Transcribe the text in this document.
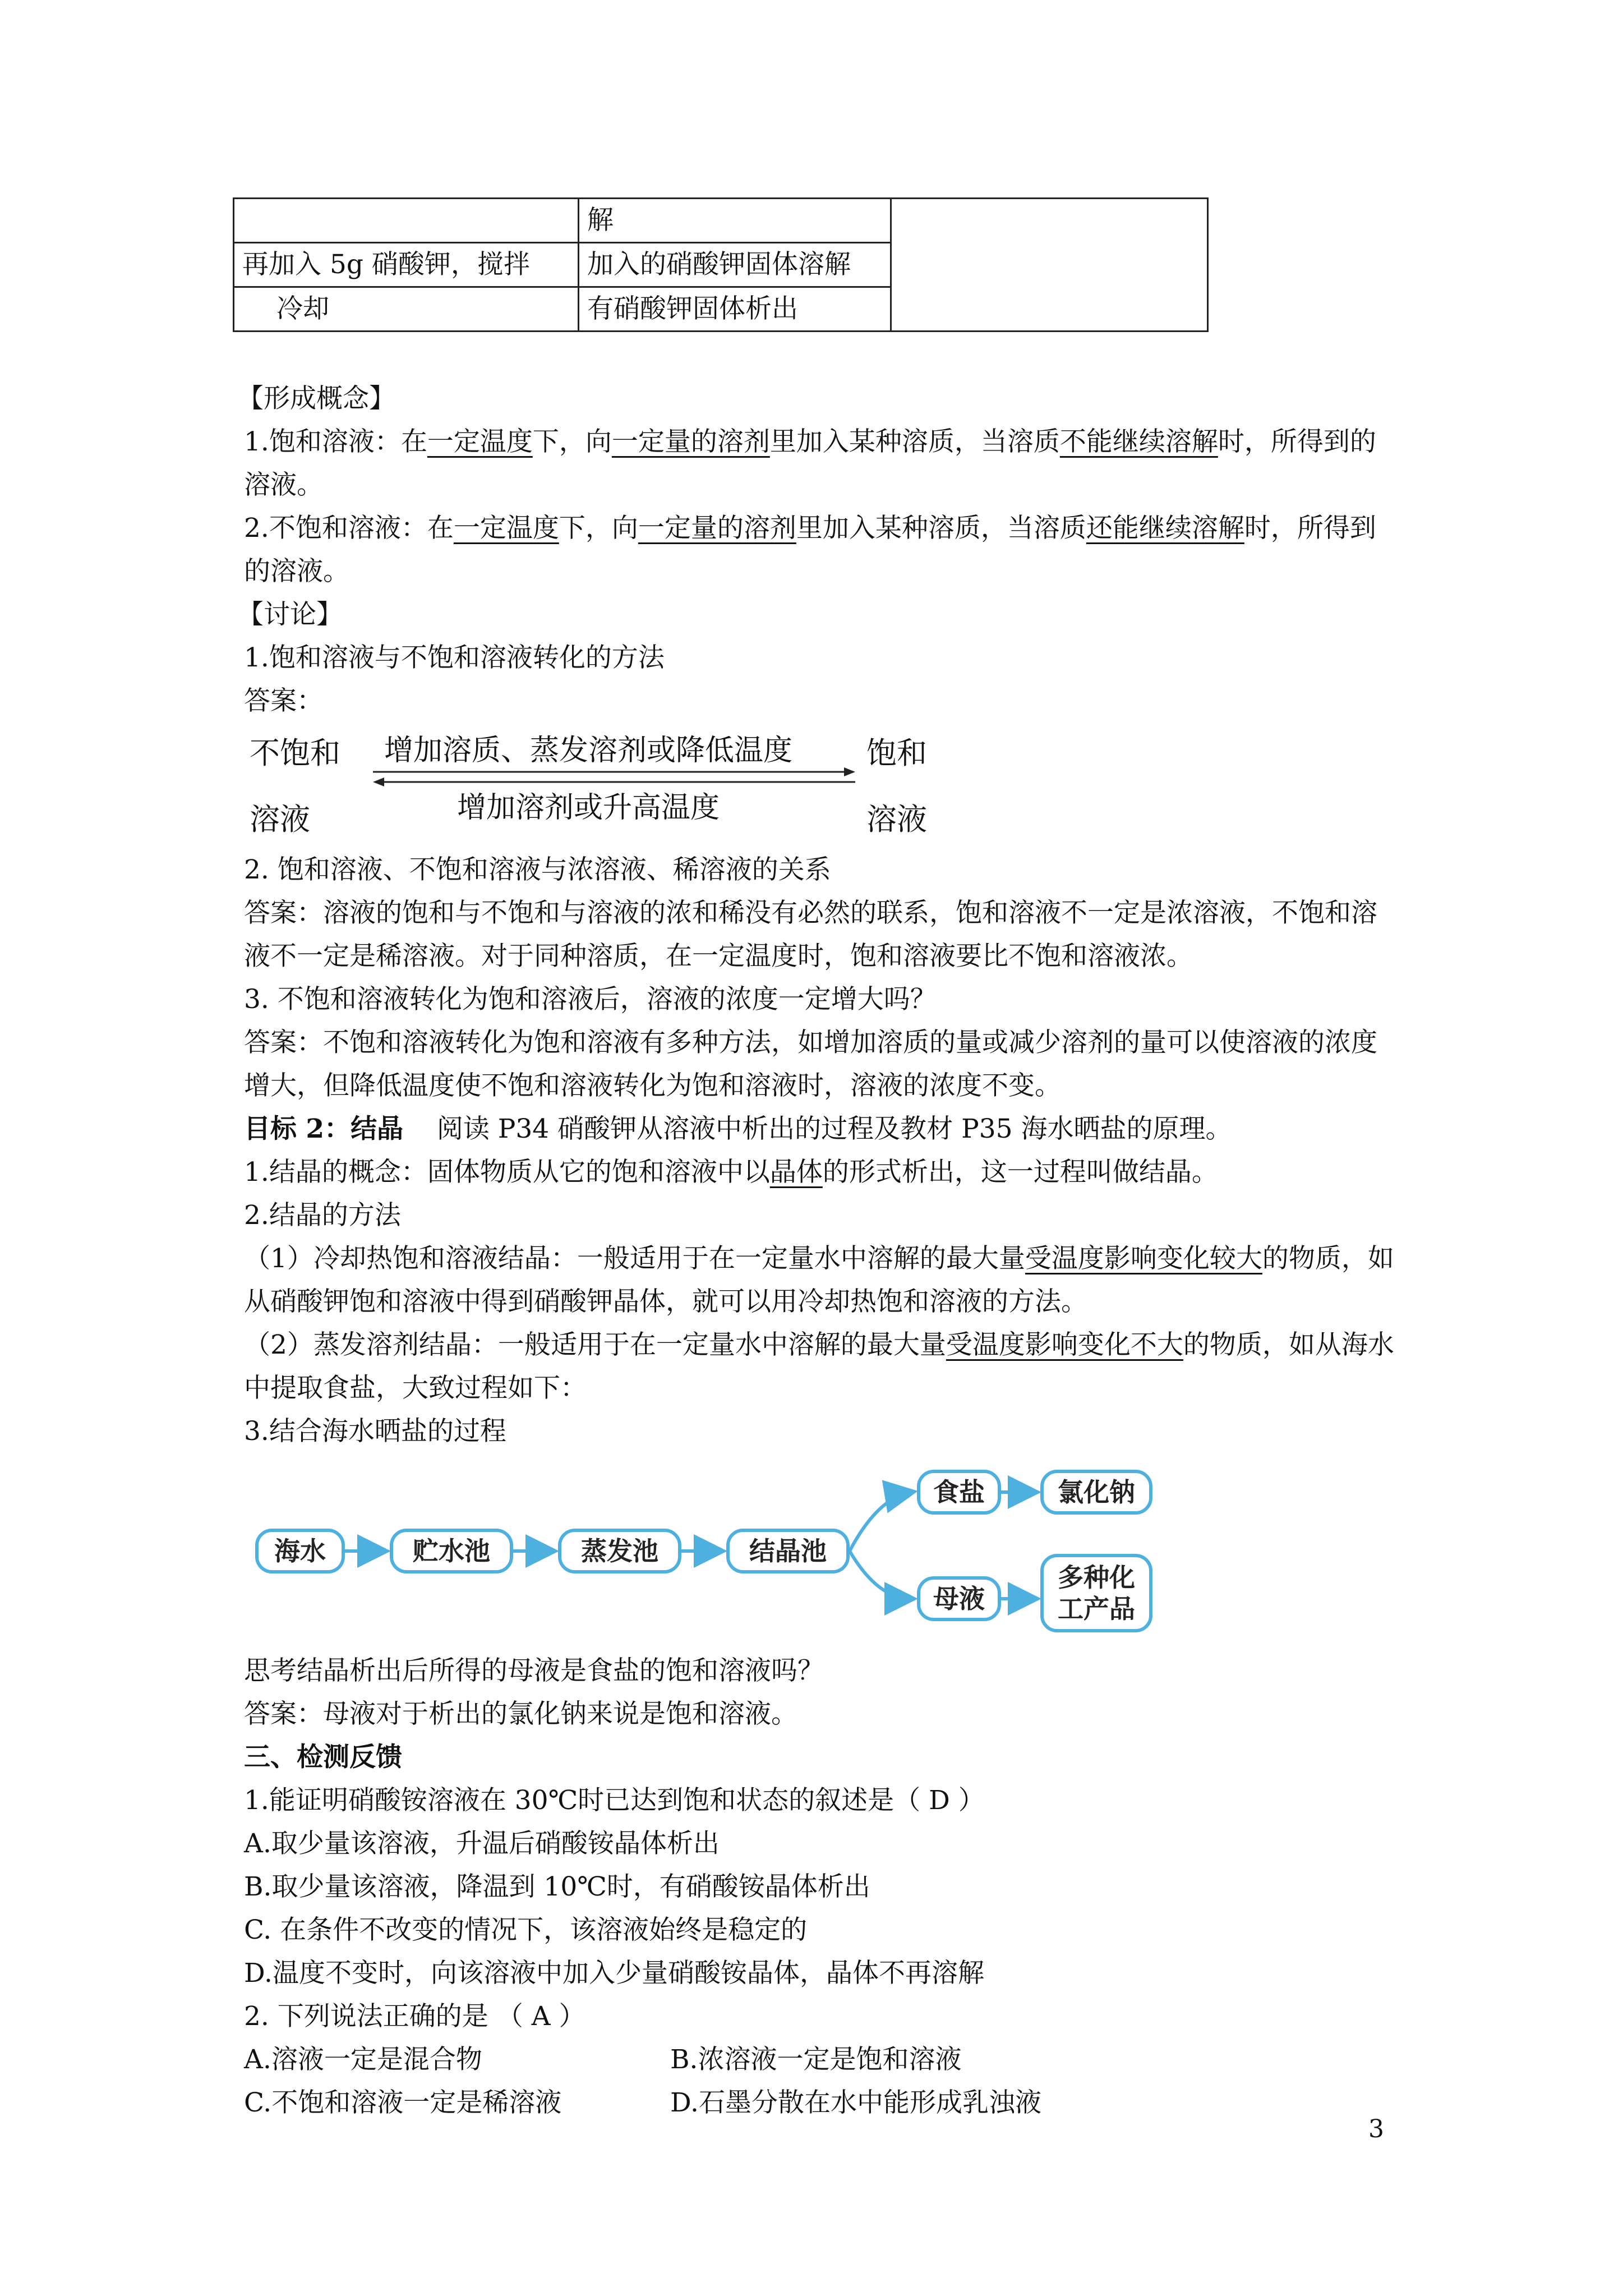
	解	
再加入 5g 硝酸钾，搅拌	加入的硝酸钾固体溶解	
冷却	有硝酸钾固体析出	

【形成概念】

1.饱和溶液：在一定温度下，向一定量的溶剂里加入某种溶质，当溶质不能继续溶解时，所得到的溶液。

2.不饱和溶液：在一定温度下，向一定量的溶剂里加入某种溶质，当溶质还能继续溶解时，所得到的溶液。

【讨论】

1.饱和溶液与不饱和溶液转化的方法

答案：

不饱和
溶液
饱和
溶液
增加溶质、蒸发溶剂或降低温度
增加溶剂或升高温度

2. 饱和溶液、不饱和溶液与浓溶液、稀溶液的关系

答案：溶液的饱和与不饱和与溶液的浓和稀没有必然的联系，饱和溶液不一定是浓溶液，不饱和溶液不一定是稀溶液。对于同种溶质，在一定温度时，饱和溶液要比不饱和溶液浓。

3. 不饱和溶液转化为饱和溶液后，溶液的浓度一定增大吗？

答案：不饱和溶液转化为饱和溶液有多种方法，如增加溶质的量或减少溶剂的量可以使溶液的浓度增大，但降低温度使不饱和溶液转化为饱和溶液时，溶液的浓度不变。

目标 2：结晶 阅读 P34 硝酸钾从溶液中析出的过程及教材 P35 海水晒盐的原理。

1.结晶的概念：固体物质从它的饱和溶液中以晶体的形式析出，这一过程叫做结晶。

2.结晶的方法

（1）冷却热饱和溶液结晶：一般适用于在一定量水中溶解的最大量受温度影响变化较大的物质，如从硝酸钾饱和溶液中得到硝酸钾晶体，就可以用冷却热饱和溶液的方法。

（2）蒸发溶剂结晶：一般适用于在一定量水中溶解的最大量受温度影响变化不大的物质，如从海水中提取食盐，大致过程如下：

3.结合海水晒盐的过程

海水	贮水池	蒸发池	结晶池
食盐	氯化钠
母液
多种化
工产品

思考结晶析出后所得的母液是食盐的饱和溶液吗？

答案：母液对于析出的氯化钠来说是饱和溶液。

三、检测反馈

1.能证明硝酸铵溶液在 30℃时已达到饱和状态的叙述是（ D ）

A.取少量该溶液，升温后硝酸铵晶体析出

B.取少量该溶液，降温到 10℃时，有硝酸铵晶体析出

C. 在条件不改变的情况下，该溶液始终是稳定的

D.温度不变时，向该溶液中加入少量硝酸铵晶体，晶体不再溶解

2. 下列说法正确的是 （ A ）

A.溶液一定是混合物	B.浓溶液一定是饱和溶液

C.不饱和溶液一定是稀溶液	D.石墨分散在水中能形成乳浊液

3
